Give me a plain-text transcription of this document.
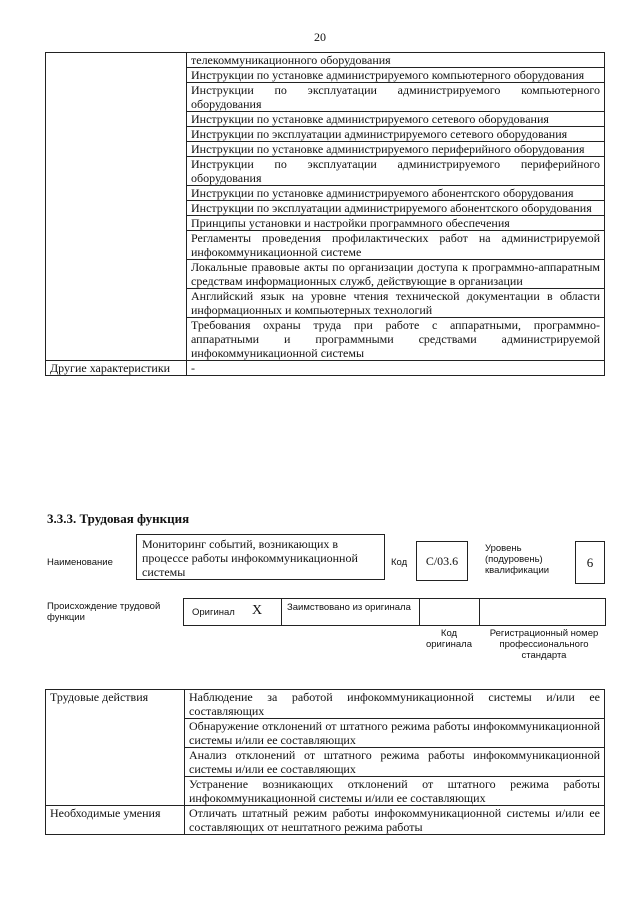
20
	телекоммуникационного оборудования
	Инструкции по установке администрируемого компьютерного оборудования
	Инструкции по эксплуатации администрируемого компьютерного оборудования
	Инструкции по установке администрируемого сетевого оборудования
	Инструкции по эксплуатации администрируемого сетевого оборудования
	Инструкции по установке администрируемого периферийного оборудования
	Инструкции по эксплуатации администрируемого периферийного оборудования
	Инструкции по установке администрируемого абонентского оборудования
	Инструкции по эксплуатации администрируемого абонентского оборудования
	Принципы установки и настройки программного обеспечения
	Регламенты проведения профилактических работ на администрируемой инфокоммуникационной системе
	Локальные правовые акты по организации доступа к программно-аппаратным средствам информационных служб, действующие в организации
	Английский язык на уровне чтения технической документации в области информационных и компьютерных технологий
	Требования охраны труда при работе с аппаратными, программно-аппаратными и программными средствами администрируемой инфокоммуникационной системы
Другие характеристики	-
3.3.3. Трудовая функция
Наименование
Мониторинг событий, возникающих в процессе работы инфокоммуникационной системы
Код	C/03.6
Уровень (подуровень) квалификации
6
Происхождение трудовой функции	Оригинал X	Заимствовано из оригинала
Код оригинала
Регистрационный номер профессионального стандарта
Трудовые действия	Наблюдение за работой инфокоммуникационной системы и/или ее составляющих
	Обнаружение отклонений от штатного режима работы инфокоммуникационной системы и/или ее составляющих
	Анализ отклонений от штатного режима работы инфокоммуникационной системы и/или ее составляющих
	Устранение возникающих отклонений от штатного режима работы инфокоммуникационной системы и/или ее составляющих
Необходимые умения	Отличать штатный режим работы инфокоммуникационной системы и/или ее составляющих от нештатного режима работы
